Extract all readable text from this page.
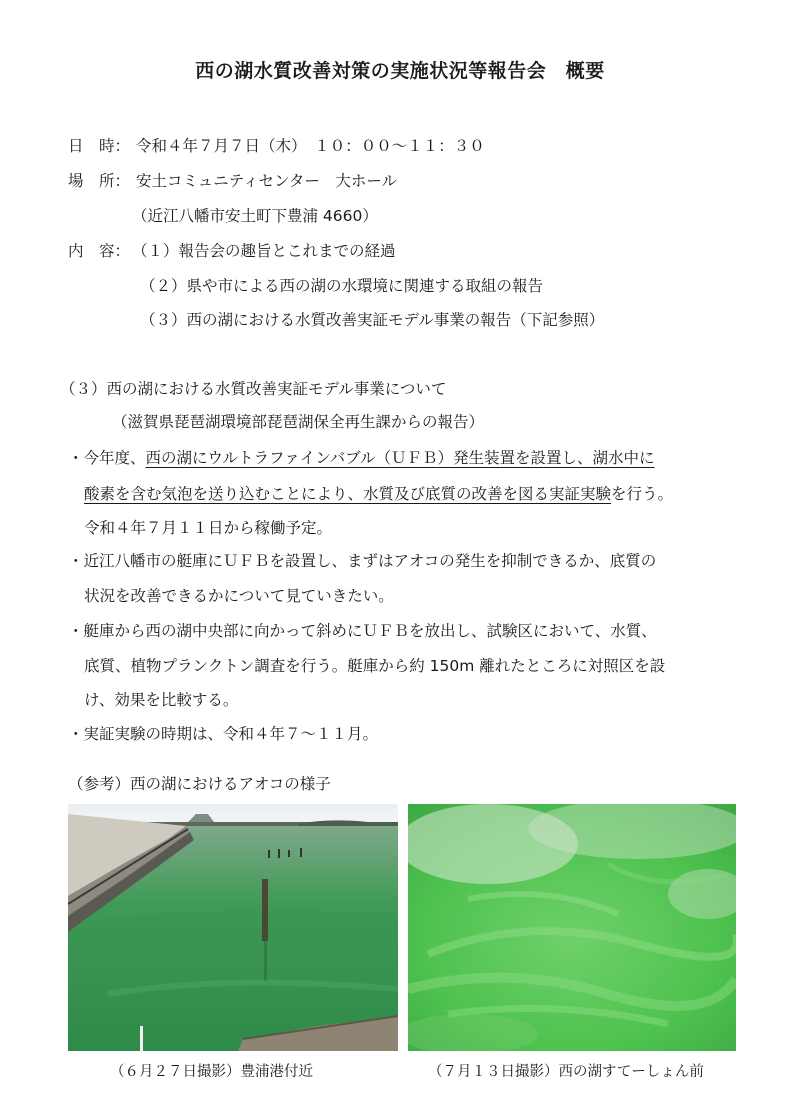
西の湖水質改善対策の実施状況等報告会　概要
日　時： 令和４年７月７日（木）　１０：００～１１：３０
場　所： 安土コミュニティセンター　大ホール
（近江八幡市安土町下豊浦 4660）
内　容： （１）報告会の趣旨とこれまでの経過
（２）県や市による西の湖の水環境に関連する取組の報告
（３）西の湖における水質改善実証モデル事業の報告（下記参照）
（３）西の湖における水質改善実証モデル事業について
（滋賀県琵琶湖環境部琵琶湖保全再生課からの報告）
・今年度、西の湖にウルトラファインバブル（ＵＦＢ）発生装置を設置し、湖水中に
酸素を含む気泡を送り込むことにより、水質及び底質の改善を図る実証実験を行う。
令和４年７月１１日から稼働予定。
・近江八幡市の艇庫にＵＦＢを設置し、まずはアオコの発生を抑制できるか、底質の
状況を改善できるかについて見ていきたい。
・艇庫から西の湖中央部に向かって斜めにＵＦＢを放出し、試験区において、水質、
底質、植物プランクトン調査を行う。艇庫から約 150m 離れたところに対照区を設
け、効果を比較する。
・実証実験の時期は、令和４年７～１１月。
（参考）西の湖におけるアオコの様子
（６月２７日撮影）豊浦港付近	（７月１３日撮影）西の湖すてーしょん前
